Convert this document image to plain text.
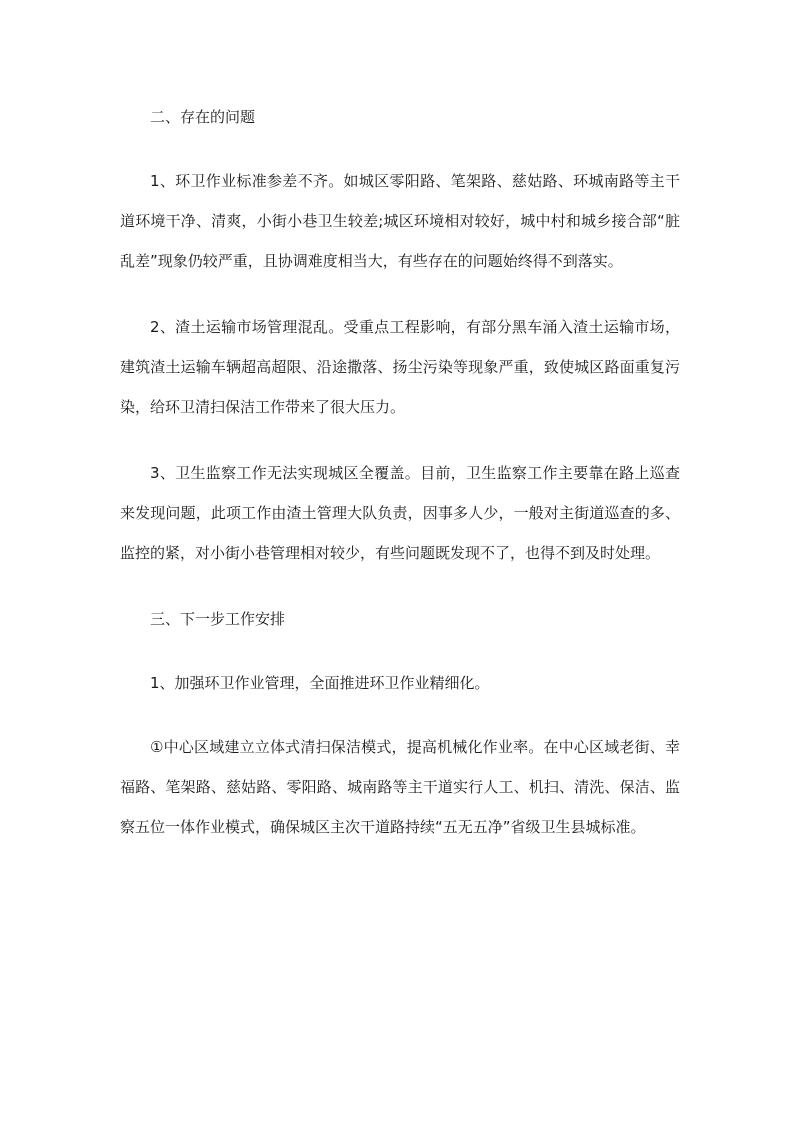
二、存在的问题

1、环卫作业标准参差不齐。如城区零阳路、笔架路、慈姑路、环城南路等主干道环境干净、清爽，小街小巷卫生较差;城区环境相对较好，城中村和城乡接合部“脏乱差”现象仍较严重，且协调难度相当大，有些存在的问题始终得不到落实。

2、渣土运输市场管理混乱。受重点工程影响，有部分黑车涌入渣土运输市场，建筑渣土运输车辆超高超限、沿途撒落、扬尘污染等现象严重，致使城区路面重复污染，给环卫清扫保洁工作带来了很大压力。

3、卫生监察工作无法实现城区全覆盖。目前，卫生监察工作主要靠在路上巡查来发现问题，此项工作由渣土管理大队负责，因事多人少，一般对主街道巡查的多、监控的紧，对小街小巷管理相对较少，有些问题既发现不了，也得不到及时处理。

三、下一步工作安排

1、加强环卫作业管理，全面推进环卫作业精细化。

①中心区域建立立体式清扫保洁模式，提高机械化作业率。在中心区域老街、幸福路、笔架路、慈姑路、零阳路、城南路等主干道实行人工、机扫、清洗、保洁、监察五位一体作业模式，确保城区主次干道路持续“五无五净”省级卫生县城标准。
